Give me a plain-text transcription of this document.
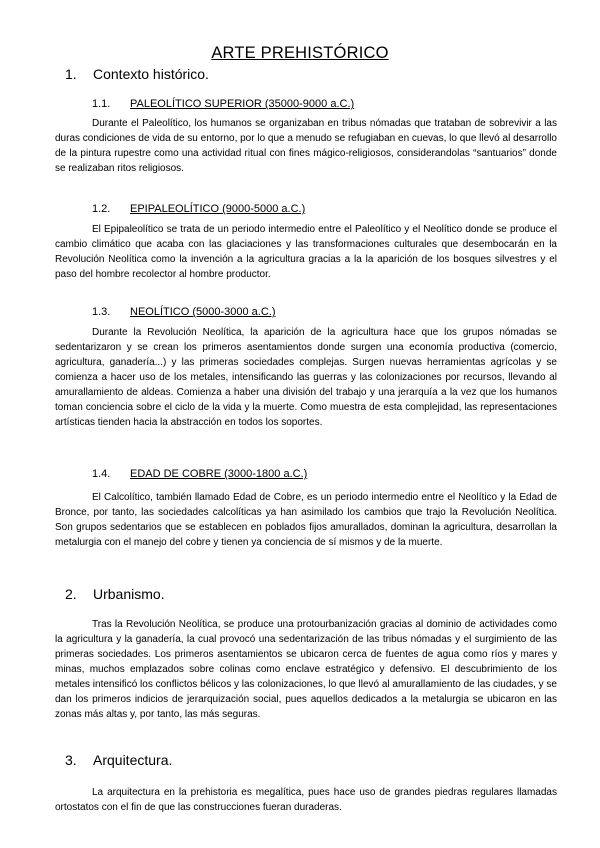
ARTE PREHISTÓRICO
1. Contexto histórico.
1.1. PALEOLÍTICO SUPERIOR (35000-9000 a.C.)

Durante el Paleolítico, los humanos se organizaban en tribus nómadas que trataban de sobrevivir a las duras condiciones de vida de su entorno, por lo que a menudo se refugiaban en cuevas, lo que llevó al desarrollo de la pintura rupestre como una actividad ritual con fines mágico-religiosos, considerandolas “santuarios” donde se realizaban ritos religiosos.

1.2. EPIPALEOLÍTICO (9000-5000 a.C.)

El Epipaleolítico se trata de un periodo intermedio entre el Paleolítico y el Neolítico donde se produce el cambio climático que acaba con las glaciaciones y las transformaciones culturales que desembocarán en la Revolución Neolítica como la invención a la agricultura gracias a la la aparición de los bosques silvestres y el paso del hombre recolector al hombre productor.

1.3. NEOLÍTICO (5000-3000 a.C.)

Durante la Revolución Neolítica, la aparición de la agricultura hace que los grupos nómadas se sedentarizaron y se crean los primeros asentamientos donde surgen una economía productiva (comercio, agricultura, ganadería...) y las primeras sociedades complejas. Surgen nuevas herramientas agrícolas y se comienza a hacer uso de los metales, intensificando las guerras y las colonizaciones por recursos, llevando al amurallamiento de aldeas. Comienza a haber una división del trabajo y una jerarquía a la vez que los humanos toman conciencia sobre el ciclo de la vida y la muerte. Como muestra de esta complejidad, las representaciones artísticas tienden hacia la abstracción en todos los soportes.

1.4. EDAD DE COBRE (3000-1800 a.C.)

El Calcolítico, también llamado Edad de Cobre, es un periodo intermedio entre el Neolítico y la Edad de Bronce, por tanto, las sociedades calcolíticas ya han asimilado los cambios que trajo la Revolución Neolítica. Son grupos sedentarios que se establecen en poblados fijos amurallados, dominan la agricultura, desarrollan la metalurgia con el manejo del cobre y tienen ya conciencia de sí mismos y de la muerte.

2. Urbanismo.

Tras la Revolución Neolítica, se produce una protourbanización gracias al dominio de actividades como la agricultura y la ganadería, la cual provocó una sedentarización de las tribus nómadas y el surgimiento de las primeras sociedades. Los primeros asentamientos se ubicaron cerca de fuentes de agua como ríos y mares y minas, muchos emplazados sobre colinas como enclave estratégico y defensivo. El descubrimiento de los metales intensificó los conflictos bélicos y las colonizaciones, lo que llevó al amurallamiento de las ciudades, y se dan los primeros indicios de jerarquización social, pues aquellos dedicados a la metalurgia se ubicaron en las zonas más altas y, por tanto, las más seguras.

3. Arquitectura.

La arquitectura en la prehistoria es megalítica, pues hace uso de grandes piedras regulares llamadas ortostatos con el fin de que las construcciones fueran duraderas.
